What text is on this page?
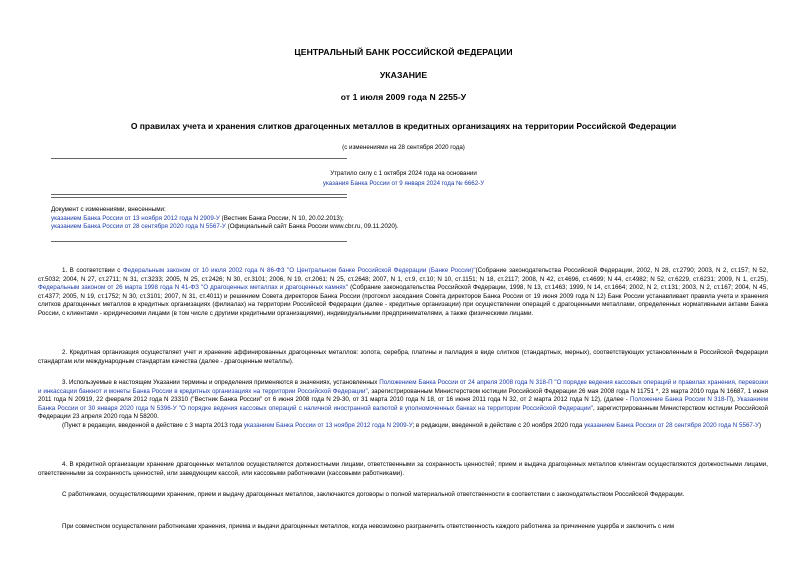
ЦЕНТРАЛЬНЫЙ БАНК РОССИЙСКОЙ ФЕДЕРАЦИИ
УКАЗАНИЕ
от 1 июля 2009 года N 2255-У
О правилах учета и хранения слитков драгоценных металлов в кредитных организациях на территории Российской Федерации
(с изменениями на 28 сентября 2020 года)
Утратило силу с 1 октября 2024 года на основании
указания Банка России от 9 января 2024 года № 6662-У
Документ с изменениями, внесенными:
указанием Банка России от 13 ноября 2012 года N 2909-У (Вестник Банка России, N 10, 20.02.2013);
указанием Банка России от 28 сентября 2020 года N 5567-У (Официальный сайт Банка России www.cbr.ru, 09.11.2020).
1. В соответствии с Федеральным законом от 10 июля 2002 года N 86-ФЗ "О Центральном банке Российской Федерации (Банке России)"(Собрание законодательства Российской Федерации, 2002, N 28, ст.2790; 2003, N 2, ст.157; N 52, ст.5032; 2004, N 27, ст.2711; N 31, ст.3233; 2005, N 25, ст.2426; N 30, ст.3101; 2006, N 19, ст.2061; N 25, ст.2648; 2007, N 1, ст.9, ст.10; N 10, ст.1151; N 18, ст.2117; 2008, N 42, ст.4696, ст.4699; N 44, ст.4982; N 52, ст.6229, ст.6231; 2009, N 1, ст.25), Федеральным законом от 26 марта 1998 года N 41-ФЗ "О драгоценных металлах и драгоценных камнях" (Собрание законодательства Российской Федерации, 1998, N 13, ст.1463; 1999, N 14, ст.1664; 2002, N 2, ст.131; 2003, N 2, ст.167; 2004, N 45, ст.4377; 2005, N 19, ст.1752; N 30, ст.3101; 2007, N 31, ст.4011) и решением Совета директоров Банка России (протокол заседания Совета директоров Банка России от 19 июня 2009 года N 12) Банк России устанавливает правила учета и хранения слитков драгоценных металлов в кредитных организациях (филиалах) на территории Российской Федерации (далее - кредитные организации) при осуществлении операций с драгоценными металлами, определенных нормативными актами Банка России, с клиентами - юридическими лицами (в том числе с другими кредитными организациями), индивидуальными предпринимателями, а также физическими лицами.
2. Кредитная организация осуществляет учет и хранение аффинированных драгоценных металлов: золота, серебра, платины и палладия в виде слитков (стандартных, мерных), соответствующих установленным в Российской Федерации стандартам или международным стандартам качества (далее - драгоценные металлы).
3. Используемые в настоящем Указании термины и определения применяются в значениях, установленных Положением Банка России от 24 апреля 2008 года N 318-П "О порядке ведения кассовых операций и правилах хранения, перевозки и инкассации банкнот и монеты Банка России в кредитных организациях на территории Российской Федерации", зарегистрированным Министерством юстиции Российской Федерации 26 мая 2008 года N 11751 *, 23 марта 2010 года N 16687, 1 июня 2011 года N 20919, 22 февраля 2012 года N 23310 ("Вестник Банка России" от 6 июня 2008 года N 29-30, от 31 марта 2010 года N 18, от 16 июня 2011 года N 32, от 2 марта 2012 года N 12), (далее - Положение Банка России N 318-П), Указанием Банка России от 30 января 2020 года N 5396-У "О порядке ведения кассовых операций с наличной иностранной валютой в уполномоченных банках на территории Российской Федерации", зарегистрированным Министерством юстиции Российской Федерации 23 апреля 2020 года N 58200.
(Пункт в редакции, введенной в действие с 3 марта 2013 года указанием Банка России от 13 ноября 2012 года N 2909-У; в редакции, введенной в действие с 20 ноября 2020 года указанием Банка России от 28 сентября 2020 года N 5567-У)
4. В кредитной организации хранение драгоценных металлов осуществляется должностными лицами, ответственными за сохранность ценностей; прием и выдача драгоценных металлов клиентам осуществляются должностными лицами, ответственными за сохранность ценностей, или заведующим кассой, или кассовыми работниками (кассовыми работниками).
С работниками, осуществляющими хранение, прием и выдачу драгоценных металлов, заключаются договоры о полной материальной ответственности в соответствии с законодательством Российской Федерации.
При совместном осуществлении работниками хранения, приема и выдачи драгоценных металлов, когда невозможно разграничить ответственность каждого работника за причинение ущерба и заключить с ним
